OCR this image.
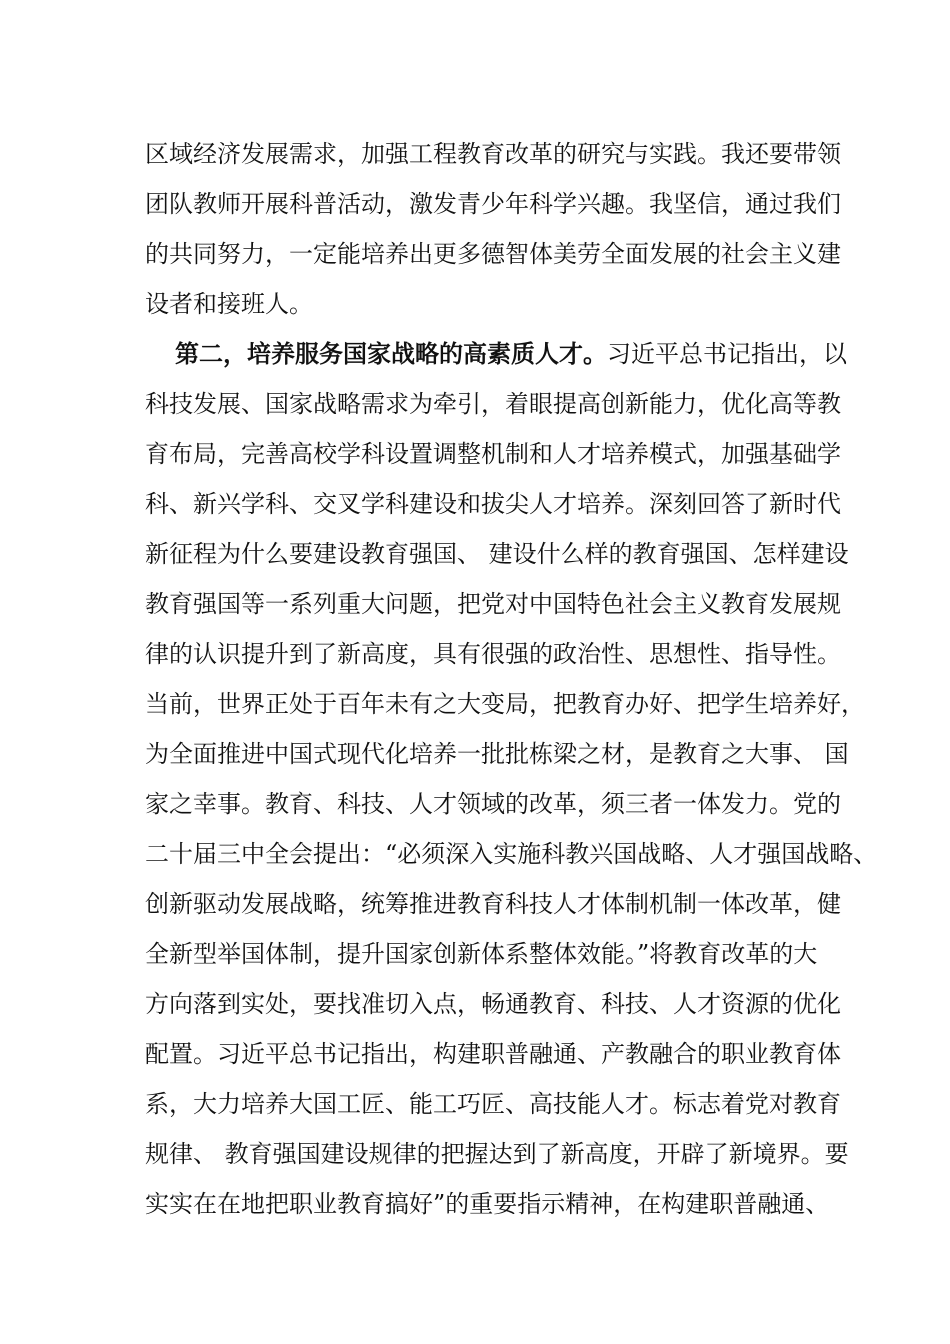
区域经济发展需求，加强工程教育改革的研究与实践。我还要带领
团队教师开展科普活动，激发青少年科学兴趣。我坚信，通过我们
的共同努力，一定能培养出更多德智体美劳全面发展的社会主义建
设者和接班人。
第二，培养服务国家战略的高素质人才。习近平总书记指出，以
科技发展、国家战略需求为牵引，着眼提高创新能力，优化高等教
育布局，完善高校学科设置调整机制和人才培养模式，加强基础学
科、新兴学科、交叉学科建设和拔尖人才培养。深刻回答了新时代
新征程为什么要建设教育强国、 建设什么样的教育强国、怎样建设
教育强国等一系列重大问题，把党对中国特色社会主义教育发展规
律的认识提升到了新高度，具有很强的政治性、思想性、指导性。
当前，世界正处于百年未有之大变局，把教育办好、把学生培养好，
为全面推进中国式现代化培养一批批栋梁之材，是教育之大事、 国
家之幸事。教育、科技、人才领域的改革，须三者一体发力。党的
二十届三中全会提出：“必须深入实施科教兴国战略、人才强国战略、
创新驱动发展战略，统筹推进教育科技人才体制机制一体改革，健
全新型举国体制，提升国家创新体系整体效能。”将教育改革的大
方向落到实处，要找准切入点，畅通教育、科技、人才资源的优化
配置。习近平总书记指出，构建职普融通、产教融合的职业教育体
系，大力培养大国工匠、能工巧匠、高技能人才。标志着党对教育
规律、 教育强国建设规律的把握达到了新高度，开辟了新境界。要
实实在在地把职业教育搞好”的重要指示精神，在构建职普融通、
